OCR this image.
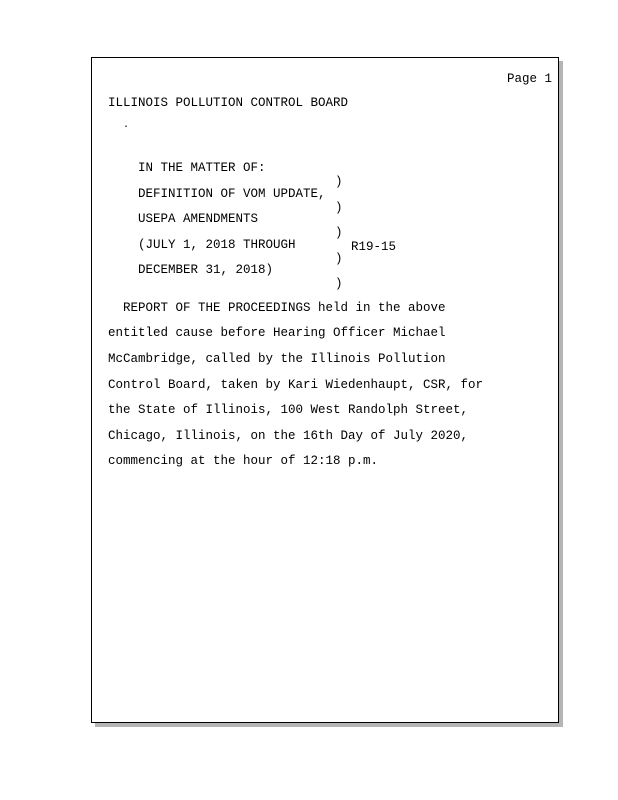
Page 1
ILLINOIS POLLUTION CONTROL BOARD
.

IN THE MATTER OF:

)

DEFINITION OF VOM UPDATE,

)

USEPA AMENDMENTS

)

R19-15

(JULY 1, 2018 THROUGH

)

DECEMBER 31, 2018)

)

REPORT OF THE PROCEEDINGS held in the above
entitled cause before Hearing Officer Michael
McCambridge, called by the Illinois Pollution
Control Board, taken by Kari Wiedenhaupt, CSR, for
the State of Illinois, 100 West Randolph Street,
Chicago, Illinois, on the 16th Day of July 2020,
commencing at the hour of 12:18 p.m.
